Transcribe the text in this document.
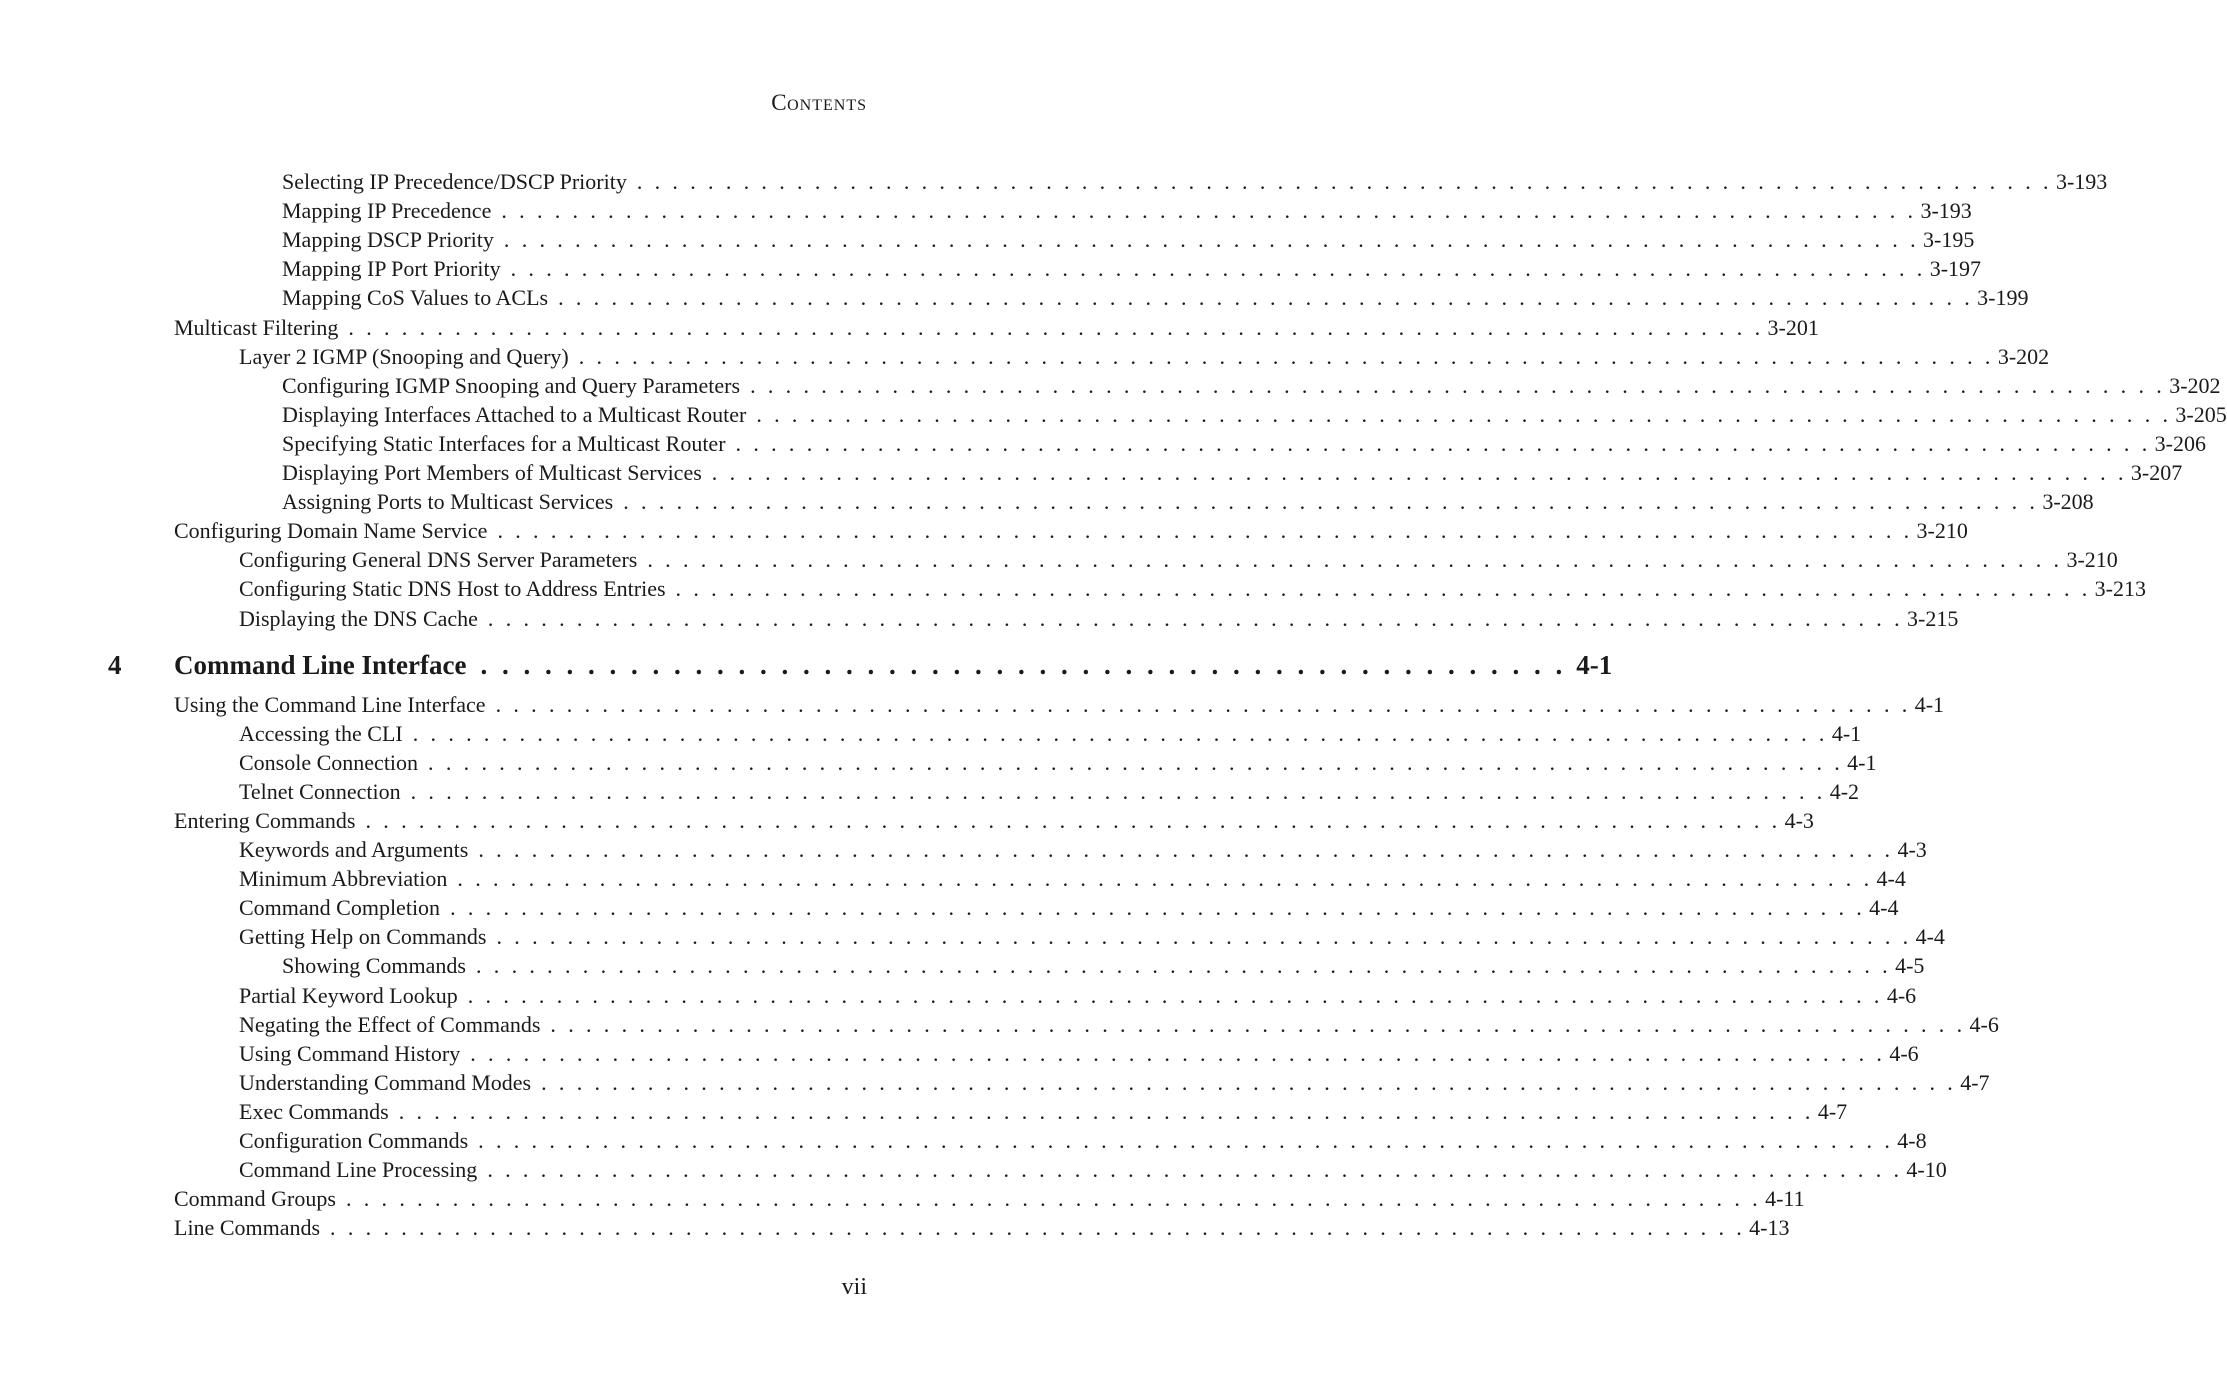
CONTENTS
Selecting IP Precedence/DSCP Priority . . . . . . . . . . . . . . . . . . . . . . . . . . . . . . . . . . . . . . . . . . . . . . . . . . . . . . . . . . . . . . . . . . . . . . . . . . . . . . . . 3-193
Mapping IP Precedence . . . . . . . . . . . . . . . . . . . . . . . . . . . . . . . . . . . . . . . . . . . . . . . . . . . . . . . . . . . . . . . . . . . . . . . . . . . . . . . . 3-193
Mapping DSCP Priority . . . . . . . . . . . . . . . . . . . . . . . . . . . . . . . . . . . . . . . . . . . . . . . . . . . . . . . . . . . . . . . . . . . . . . . . . . . . . . . . 3-195
Mapping IP Port Priority . . . . . . . . . . . . . . . . . . . . . . . . . . . . . . . . . . . . . . . . . . . . . . . . . . . . . . . . . . . . . . . . . . . . . . . . . . . . . . . . 3-197
Mapping CoS Values to ACLs . . . . . . . . . . . . . . . . . . . . . . . . . . . . . . . . . . . . . . . . . . . . . . . . . . . . . . . . . . . . . . . . . . . . . . . . . . . . . . . . 3-199
Multicast Filtering . . . . . . . . . . . . . . . . . . . . . . . . . . . . . . . . . . . . . . . . . . . . . . . . . . . . . . . . . . . . . . . . . . . . . . . . . . . . . . . . 3-201
Layer 2 IGMP (Snooping and Query) . . . . . . . . . . . . . . . . . . . . . . . . . . . . . . . . . . . . . . . . . . . . . . . . . . . . . . . . . . . . . . . . . . . . . . . . . . . . . . . . 3-202
Configuring IGMP Snooping and Query Parameters . . . . . . . . . . . . . . . . . . . . . . . . . . . . . . . . . . . . . . . . . . . . . . . . . . . . . . . . . . . . . . . . . . . . . . . . . . . . . . . . 3-202
Displaying Interfaces Attached to a Multicast Router . . . . . . . . . . . . . . . . . . . . . . . . . . . . . . . . . . . . . . . . . . . . . . . . . . . . . . . . . . . . . . . . . . . . . . . . . . . . . . . . 3-205
Specifying Static Interfaces for a Multicast Router . . . . . . . . . . . . . . . . . . . . . . . . . . . . . . . . . . . . . . . . . . . . . . . . . . . . . . . . . . . . . . . . . . . . . . . . . . . . . . . . 3-206
Displaying Port Members of Multicast Services . . . . . . . . . . . . . . . . . . . . . . . . . . . . . . . . . . . . . . . . . . . . . . . . . . . . . . . . . . . . . . . . . . . . . . . . . . . . . . . . 3-207
Assigning Ports to Multicast Services . . . . . . . . . . . . . . . . . . . . . . . . . . . . . . . . . . . . . . . . . . . . . . . . . . . . . . . . . . . . . . . . . . . . . . . . . . . . . . . . 3-208
Configuring Domain Name Service . . . . . . . . . . . . . . . . . . . . . . . . . . . . . . . . . . . . . . . . . . . . . . . . . . . . . . . . . . . . . . . . . . . . . . . . . . . . . . . . 3-210
Configuring General DNS Server Parameters . . . . . . . . . . . . . . . . . . . . . . . . . . . . . . . . . . . . . . . . . . . . . . . . . . . . . . . . . . . . . . . . . . . . . . . . . . . . . . . . 3-210
Configuring Static DNS Host to Address Entries . . . . . . . . . . . . . . . . . . . . . . . . . . . . . . . . . . . . . . . . . . . . . . . . . . . . . . . . . . . . . . . . . . . . . . . . . . . . . . . . 3-213
Displaying the DNS Cache . . . . . . . . . . . . . . . . . . . . . . . . . . . . . . . . . . . . . . . . . . . . . . . . . . . . . . . . . . . . . . . . . . . . . . . . . . . . . . . . 3-215
Using the Command Line Interface . . . . . . . . . . . . . . . . . . . . . . . . . . . . . . . . . . . . . . . . . . . . . . . . . . . . . . . . . . . . . . . . . . . . . . . . . . . . . . . . 4-1
Accessing the CLI . . . . . . . . . . . . . . . . . . . . . . . . . . . . . . . . . . . . . . . . . . . . . . . . . . . . . . . . . . . . . . . . . . . . . . . . . . . . . . . . 4-1
Console Connection . . . . . . . . . . . . . . . . . . . . . . . . . . . . . . . . . . . . . . . . . . . . . . . . . . . . . . . . . . . . . . . . . . . . . . . . . . . . . . . . 4-1
Telnet Connection . . . . . . . . . . . . . . . . . . . . . . . . . . . . . . . . . . . . . . . . . . . . . . . . . . . . . . . . . . . . . . . . . . . . . . . . . . . . . . . . 4-2
Entering Commands . . . . . . . . . . . . . . . . . . . . . . . . . . . . . . . . . . . . . . . . . . . . . . . . . . . . . . . . . . . . . . . . . . . . . . . . . . . . . . . . 4-3
Keywords and Arguments . . . . . . . . . . . . . . . . . . . . . . . . . . . . . . . . . . . . . . . . . . . . . . . . . . . . . . . . . . . . . . . . . . . . . . . . . . . . . . . . 4-3
Minimum Abbreviation . . . . . . . . . . . . . . . . . . . . . . . . . . . . . . . . . . . . . . . . . . . . . . . . . . . . . . . . . . . . . . . . . . . . . . . . . . . . . . . . 4-4
Command Completion . . . . . . . . . . . . . . . . . . . . . . . . . . . . . . . . . . . . . . . . . . . . . . . . . . . . . . . . . . . . . . . . . . . . . . . . . . . . . . . . 4-4
Getting Help on Commands . . . . . . . . . . . . . . . . . . . . . . . . . . . . . . . . . . . . . . . . . . . . . . . . . . . . . . . . . . . . . . . . . . . . . . . . . . . . . . . . 4-4
Showing Commands . . . . . . . . . . . . . . . . . . . . . . . . . . . . . . . . . . . . . . . . . . . . . . . . . . . . . . . . . . . . . . . . . . . . . . . . . . . . . . . . 4-5
Partial Keyword Lookup . . . . . . . . . . . . . . . . . . . . . . . . . . . . . . . . . . . . . . . . . . . . . . . . . . . . . . . . . . . . . . . . . . . . . . . . . . . . . . . . 4-6
Negating the Effect of Commands . . . . . . . . . . . . . . . . . . . . . . . . . . . . . . . . . . . . . . . . . . . . . . . . . . . . . . . . . . . . . . . . . . . . . . . . . . . . . . . . 4-6
Using Command History . . . . . . . . . . . . . . . . . . . . . . . . . . . . . . . . . . . . . . . . . . . . . . . . . . . . . . . . . . . . . . . . . . . . . . . . . . . . . . . . 4-6
Understanding Command Modes . . . . . . . . . . . . . . . . . . . . . . . . . . . . . . . . . . . . . . . . . . . . . . . . . . . . . . . . . . . . . . . . . . . . . . . . . . . . . . . . 4-7
Exec Commands . . . . . . . . . . . . . . . . . . . . . . . . . . . . . . . . . . . . . . . . . . . . . . . . . . . . . . . . . . . . . . . . . . . . . . . . . . . . . . . . 4-7
Configuration Commands . . . . . . . . . . . . . . . . . . . . . . . . . . . . . . . . . . . . . . . . . . . . . . . . . . . . . . . . . . . . . . . . . . . . . . . . . . . . . . . . 4-8
Command Line Processing . . . . . . . . . . . . . . . . . . . . . . . . . . . . . . . . . . . . . . . . . . . . . . . . . . . . . . . . . . . . . . . . . . . . . . . . . . . . . . . . 4-10
Command Groups . . . . . . . . . . . . . . . . . . . . . . . . . . . . . . . . . . . . . . . . . . . . . . . . . . . . . . . . . . . . . . . . . . . . . . . . . . . . . . . . 4-11
Line Commands . . . . . . . . . . . . . . . . . . . . . . . . . . . . . . . . . . . . . . . . . . . . . . . . . . . . . . . . . . . . . . . . . . . . . . . . . . . . . . . . 4-13
4	Command Line Interface . . . . . . . . . . . . . . . . . . . . . . . . . . . . . . . . . . . . . . . . . . . . . . . . . . . 4-1
vii
